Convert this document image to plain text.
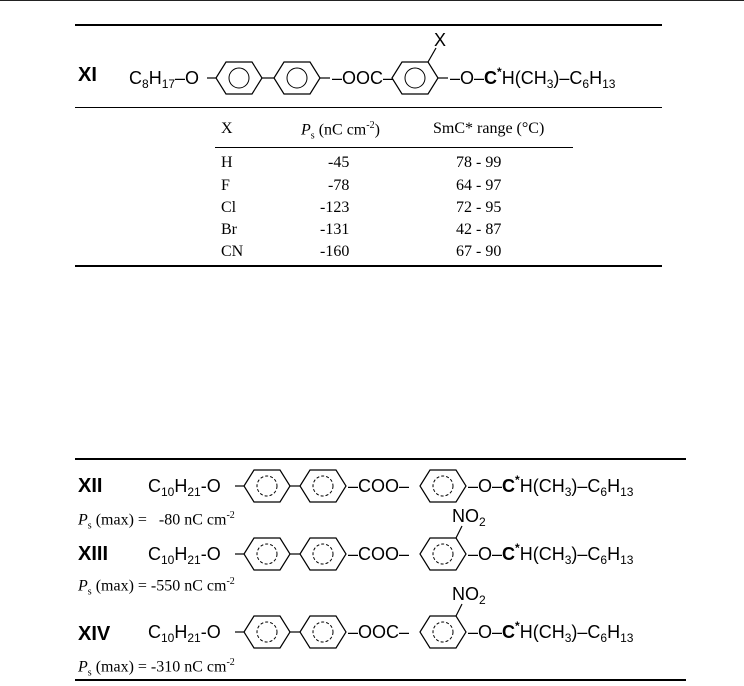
XI $C_8H_{17}-O$	–OOC–
X
$-O-C^*H(CH_3)-C_6H_{13}$
X	$P_s$ (nC $cm^{-2}$)	SmC* range (°C)
H	-45	78 - 99
F	-78	64 - 97
Cl	-123	72 - 95
Br	-131	42 - 87
CN	-160	67 - 90
XII
XIII
XIV
$C_{10}H_{21}-O$	–COO–	$-O-C^*H(CH_3)-C_6H_{13}$
$C_{10}H_{21}-O$	–COO–
$NO_2$
$-O-C^*H(CH_3)-C_6H_{13}$
$C_{10}H_{21}-O$	–OOC–
$NO_2$
$-O-C^*H(CH_3)-C_6H_{13}$
$P_s$ (max) =   -80 nC $cm^{-2}$
$P_s$ (max) = -550 nC $cm^{-2}$
$P_s$ (max) = -310 nC $cm^{-2}$
